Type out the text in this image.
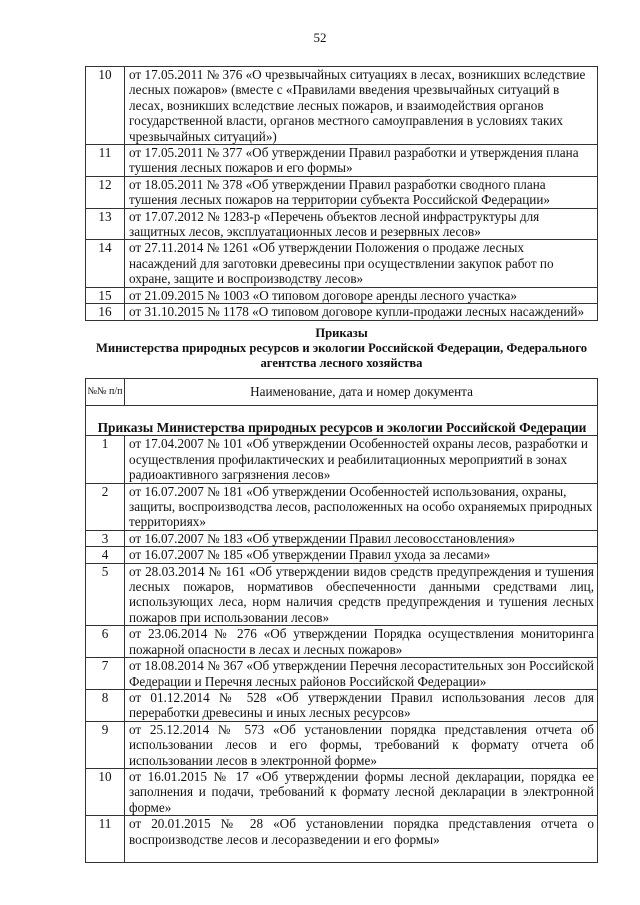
52
10	от 17.05.2011 № 376 «О чрезвычайных ситуациях в лесах, возникших вследствие лесных пожаров» (вместе с «Правилами введения чрезвычайных ситуаций в лесах, возникших вследствие лесных пожаров, и взаимодействия органов государственной власти, органов местного самоуправления в условиях таких чрезвычайных ситуаций»)
11	от 17.05.2011 № 377 «Об утверждении Правил разработки и утверждения плана тушения лесных пожаров и его формы»
12	от 18.05.2011 № 378 «Об утверждении Правил разработки сводного плана тушения лесных пожаров на территории субъекта Российской Федерации»
13	от 17.07.2012 № 1283-р «Перечень объектов лесной инфраструктуры для защитных лесов, эксплуатационных лесов и резервных лесов»
14	от 27.11.2014 № 1261 «Об утверждении Положения о продаже лесных насаждений для заготовки древесины при осуществлении закупок работ по охране, защите и воспроизводству лесов»
15	от 21.09.2015 № 1003 «О типовом договоре аренды лесного участка»
16	от 31.10.2015 № 1178 «О типовом договоре купли-продажи лесных насаждений»
Приказы
Министерства природных ресурсов и экологии Российской Федерации, Федерального
агентства лесного хозяйства
№№ п/п	Наименование, дата и номер документа
Приказы Министерства природных ресурсов и экологии Российской Федерации	
1	от 17.04.2007 № 101 «Об утверждении Особенностей охраны лесов, разработки и осуществления профилактических и реабилитационных мероприятий в зонах радиоактивного загрязнения лесов»
2	от 16.07.2007 № 181 «Об утверждении Особенностей использования, охраны, защиты, воспроизводства лесов, расположенных на особо охраняемых природных территориях»
3	от 16.07.2007 № 183 «Об утверждении Правил лесовосстановления»
4	от 16.07.2007 № 185 «Об утверждении Правил ухода за лесами»
5	от 28.03.2014 № 161 «Об утверждении видов средств предупреждения и тушения лесных пожаров, нормативов обеспеченности данными средствами лиц, использующих леса, норм наличия средств предупреждения и тушения лесных пожаров при использовании лесов»
6	от 23.06.2014 № 276 «Об утверждении Порядка осуществления мониторинга пожарной опасности в лесах и лесных пожаров»
7	от 18.08.2014 № 367 «Об утверждении Перечня лесорастительных зон Российской Федерации и Перечня лесных районов Российской Федерации»
8	от 01.12.2014 № 528 «Об утверждении Правил использования лесов для переработки древесины и иных лесных ресурсов»
9	от 25.12.2014 № 573 «Об установлении порядка представления отчета об использовании лесов и его формы, требований к формату отчета об использовании лесов в электронной форме»
10	от 16.01.2015 № 17 «Об утверждении формы лесной декларации, порядка ее заполнения и подачи, требований к формату лесной декларации в электронной форме»
11	от 20.01.2015 № 28 «Об установлении порядка представления отчета о воспроизводстве лесов и лесоразведении и его формы»
